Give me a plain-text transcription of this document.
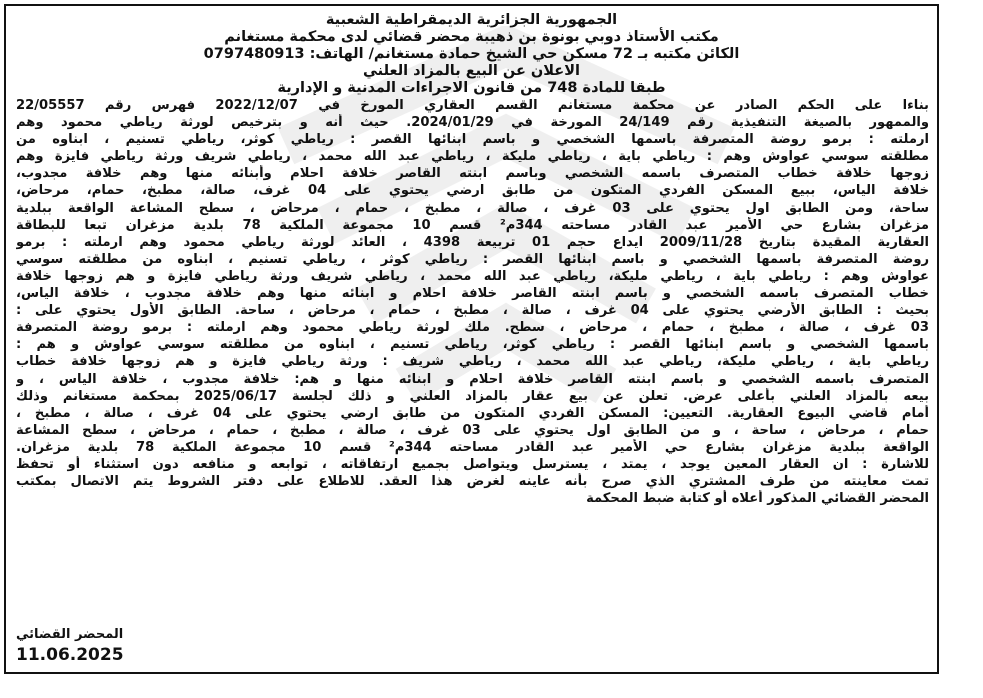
الجمهورية الجزائرية الديمقراطية الشعبية
مكتب الأستاذ دوبي بونوة بن ذهيبة محضر قضائي لدى محكمة مستغانم
الكائن مكتبه بـ 72 مسكن حي الشيخ حمادة مستغانم/ الهاتف: 0797480913
الاعلان عن البيع بالمزاد العلني
طبقا للمادة 748 من قانون الاجراءات المدنية و الإدارية
بناءا على الحكم الصادر عن محكمة مستغانم القسم العقاري المورخ في 2022/12/07 فهرس رقم 22/05557
والممهور بالصيغة التنفيذية رقم 24/149 المورخة في 2024/01/29. حيث أنه و بترخيص لورثة رياطي محمود وهم
ارملته : برمو روضة المتصرفة باسمها الشخصي و باسم ابنائها القصر : رياطي كوثر، رياطي تسنيم ، ابناوه من
مطلقته سوسي عواوش وهم : رياطي باية ، رياطي مليكة ، رياطي عبد الله محمد ، رياطي شريف ورثة رياطي فايزة وهم
زوجها خلافة خطاب المتصرف باسمه الشخصي وباسم ابنته القاصر خلافة احلام وأبنائه منها وهم خلافة مجدوب،
خلافة الياس، ببيع المسكن الفردي المتكون من طابق ارضي يحتوي على 04 غرف، صالة، مطبخ، حمام، مرحاض،
ساحة، ومن الطابق اول يحتوي على 03 غرف ، صالة ، مطبخ ، حمام ، مرحاض ، سطح المشاعة الواقعة ببلدية
مزغران بشارع حي الأمير عبد القادر مساحته 344م² قسم 10 مجموعة الملكية 78 بلدية مزغران تبعا للبطاقة
العقارية المقيدة بتاريخ 2009/11/28 ايداع حجم 01 تربيعة 4398 ، العائد لورثة رياطي محمود وهم ارملته : برمو
روضة المتصرفة باسمها الشخصي و باسم ابنائها القصر : رياطي كوثر ، رياطي تسنيم ، ابناوه من مطلقته سوسي
عواوش وهم : رياطي باية ، رياطي مليكة، رياطي عبد الله محمد ، رياطي شريف ورثة رياطي فايزة و هم زوجها خلافة
خطاب المتصرف باسمه الشخصي و باسم ابنته القاصر خلافة احلام و ابنائه منها وهم خلافة مجدوب ، خلافة الياس،
بحيث : الطابق الأرضي يحتوي على 04 غرف ، صالة ، مطبخ ، حمام ، مرحاض ، ساحة. الطابق الأول يحتوي على :
03 غرف ، صالة ، مطبخ ، حمام ، مرحاض ، سطح. ملك لورثة رياطي محمود وهم ارملته : برمو روضة المتصرفة
باسمها الشخصي و باسم ابنائها القصر : رياطي كوثر، رياطي تسنيم ، ابناوه من مطلقته سوسي عواوش و هم :
رياطي باية ، رياطي مليكة، رياطي عبد الله محمد ، رياطي شريف : ورثة رياطي فايزة و هم زوجها خلافة خطاب
المتصرف باسمه الشخصي و باسم ابنته القاصر خلافة احلام و ابنائه منها و هم: خلافة مجدوب ، خلافة الياس ، و
بيعه بالمزاد العلني بأعلى عرض. تعلن عن بيع عقار بالمزاد العلني و ذلك لجلسة 2025/06/17 بمحكمة مستغانم وذلك
أمام قاضي البيوع العقارية. التعيين: المسكن الفردي المتكون من طابق ارضي يحتوي على 04 غرف ، صالة ، مطبخ ،
حمام ، مرحاض ، ساحة ، و من الطابق اول يحتوي على 03 غرف ، صالة ، مطبخ ، حمام ، مرحاض ، سطح المشاعة
الواقعة ببلدية مزغران بشارع حي الأمير عبد القادر مساحته 344م² قسم 10 مجموعة الملكية 78 بلدية مزغران.
للاشارة : ان العقار المعين يوجد ، يمتد ، يسترسل ويتواصل بجميع ارتفاقاته ، توابعه و منافعه دون استثناء أو تحفظ
تمت معاينته من طرف المشتري الذي صرح بأنه عاينه لغرض هذا العقد. للاطلاع على دفتر الشروط يتم الاتصال بمكتب
المحضر القضائي المذكور أعلاه أو كتابة ضبط المحكمة
المحضر القضائي
11.06.2025
